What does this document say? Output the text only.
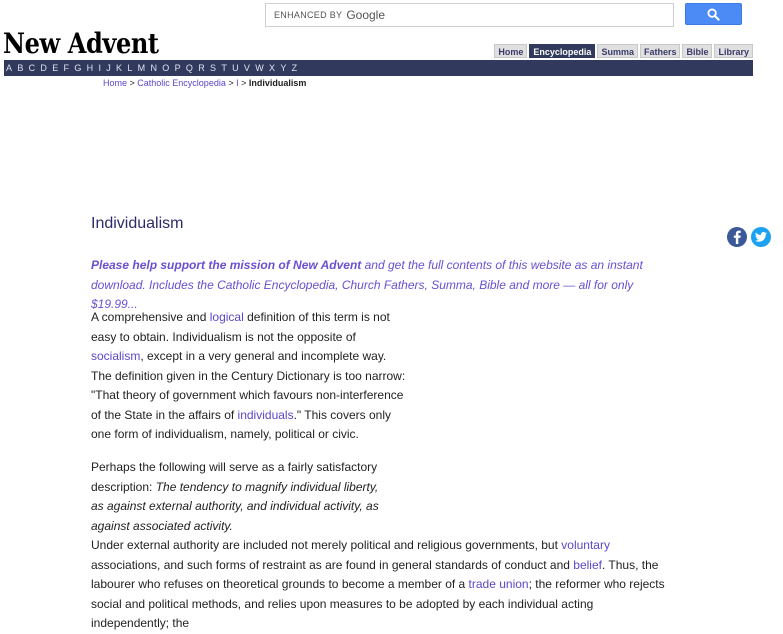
ENHANCED BY Google
New Advent	Home	Encyclopedia	Summa	Fathers	Bible	Library
A B C D E F G H I J K L M N O P Q R S T U V W X Y Z
Home > Catholic Encyclopedia > I > Individualism
Individualism

Please help support the mission of New Advent and get the full contents of this website as an instant download. Includes the Catholic Encyclopedia, Church Fathers, Summa, Bible and more — all for only $19.99...

A comprehensive and logical definition of this term is not easy to obtain. Individualism is not the opposite of socialism, except in a very general and incomplete way. The definition given in the Century Dictionary is too narrow: "That theory of government which favours non-interference of the State in the affairs of individuals." This covers only one form of individualism, namely, political or civic.

Perhaps the following will serve as a fairly satisfactory description: The tendency to magnify individual liberty, as against external authority, and individual activity, as against associated activity.
Under external authority are included not merely political and religious governments, but voluntary associations, and such forms of restraint as are found in general standards of conduct and belief. Thus, the labourer who refuses on theoretical grounds to become a member of a trade union; the reformer who rejects social and political methods, and relies upon measures to be adopted by each individual acting independently; the
